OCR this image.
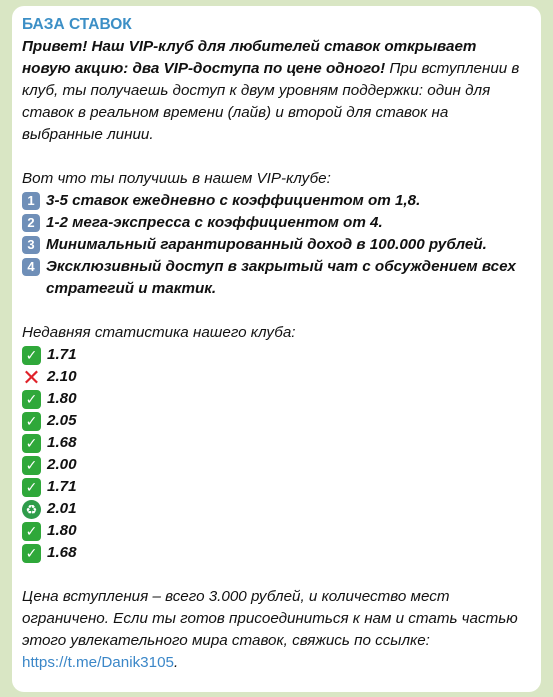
БАЗА СТАВОК
Привет! Наш VIP-клуб для любителей ставок открывает новую акцию: два VIP-доступа по цене одного! При вступлении в клуб, ты получаешь доступ к двум уровням поддержки: один для ставок в реальном времени (лайв) и второй для ставок на выбранные линии.
Вот что ты получишь в нашем VIP-клубе:
1 3-5 ставок ежедневно с коэффициентом от 1,8.
2 1-2 мега-экспресса с коэффициентом от 4.
3 Минимальный гарантированный доход в 100.000 рублей.
4 Эксклюзивный доступ в закрытый чат с обсуждением всех стратегий и тактик.
Недавняя статистика нашего клуба:
✓ 1.71
✕ 2.10
✓ 1.80
✓ 2.05
✓ 1.68
✓ 2.00
✓ 1.71
♻ 2.01
✓ 1.80
✓ 1.68
Цена вступления – всего 3.000 рублей, и количество мест ограничено. Если ты готов присоединиться к нам и стать частью этого увлекательного мира ставок, свяжись по ссылке: https://t.me/Danik3105.
